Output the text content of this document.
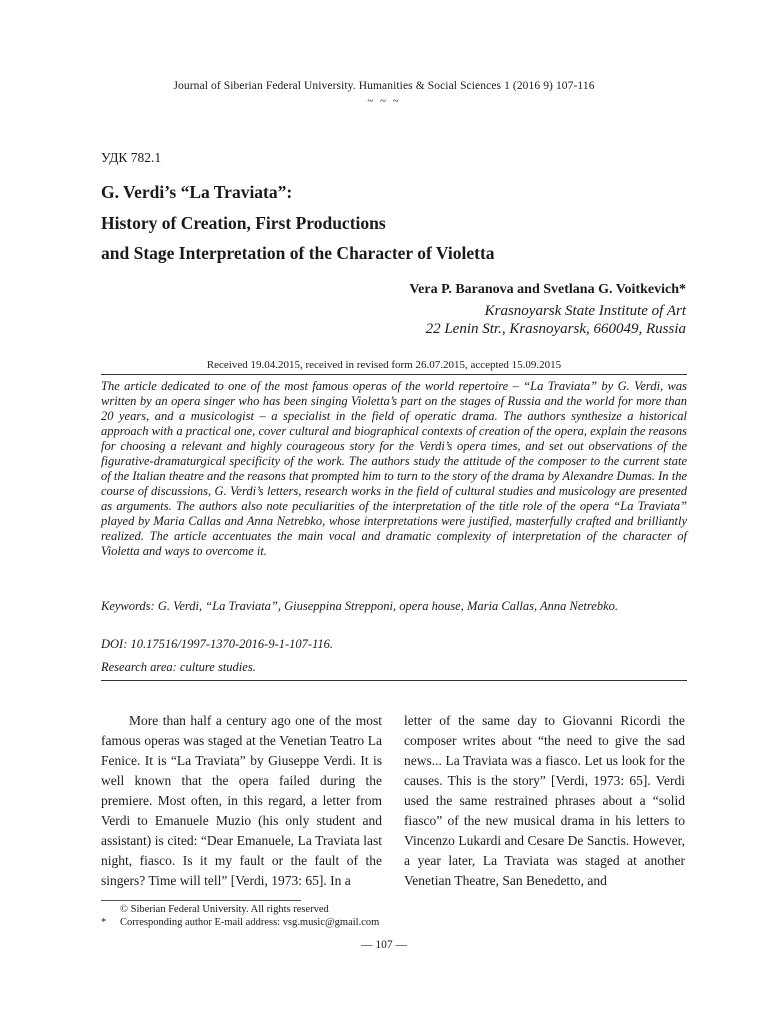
Journal of Siberian Federal University. Humanities & Social Sciences 1 (2016 9) 107-116
~ ~ ~
УДК 782.1
G. Verdi’s “La Traviata”:
History of Creation, First Productions
and Stage Interpretation of the Character of Violetta
Vera P. Baranova and Svetlana G. Voitkevich*
Krasnoyarsk State Institute of Art
22 Lenin Str., Krasnoyarsk, 660049, Russia
Received 19.04.2015, received in revised form 26.07.2015, accepted 15.09.2015
The article dedicated to one of the most famous operas of the world repertoire – “La Traviata” by G. Verdi, was written by an opera singer who has been singing Violetta’s part on the stages of Russia and the world for more than 20 years, and a musicologist – a specialist in the field of operatic drama. The authors synthesize a historical approach with a practical one, cover cultural and biographical contexts of creation of the opera, explain the reasons for choosing a relevant and highly courageous story for the Verdi’s opera times, and set out observations of the figurative-dramaturgical specificity of the work. The authors study the attitude of the composer to the current state of the Italian theatre and the reasons that prompted him to turn to the story of the drama by Alexandre Dumas. In the course of discussions, G. Verdi’s letters, research works in the field of cultural studies and musicology are presented as arguments. The authors also note peculiarities of the interpretation of the title role of the opera “La Traviata” played by Maria Callas and Anna Netrebko, whose interpretations were justified, masterfully crafted and brilliantly realized. The article accentuates the main vocal and dramatic complexity of interpretation of the character of Violetta and ways to overcome it.
Keywords: G. Verdi, “La Traviata”, Giuseppina Strepponi, opera house, Maria Callas, Anna Netrebko.
DOI: 10.17516/1997-1370-2016-9-1-107-116.
Research area: culture studies.
More than half a century ago one of the most famous operas was staged at the Venetian Teatro La Fenice. It is “La Traviata” by Giuseppe Verdi. It is well known that the opera failed during the premiere. Most often, in this regard, a letter from Verdi to Emanuele Muzio (his only student and assistant) is cited: “Dear Emanuele, La Traviata last night, fiasco. Is it my fault or the fault of the singers? Time will tell” [Verdi, 1973: 65]. In a
letter of the same day to Giovanni Ricordi the composer writes about “the need to give the sad news... La Traviata was a fiasco. Let us look for the causes. This is the story” [Verdi, 1973: 65]. Verdi used the same restrained phrases about a “solid fiasco” of the new musical drama in his letters to Vincenzo Lukardi and Cesare De Sanctis. However, a year later, La Traviata was staged at another Venetian Theatre, San Benedetto, and
© Siberian Federal University. All rights reserved
* Corresponding author E-mail address: vsg.music@gmail.com
— 107 —
